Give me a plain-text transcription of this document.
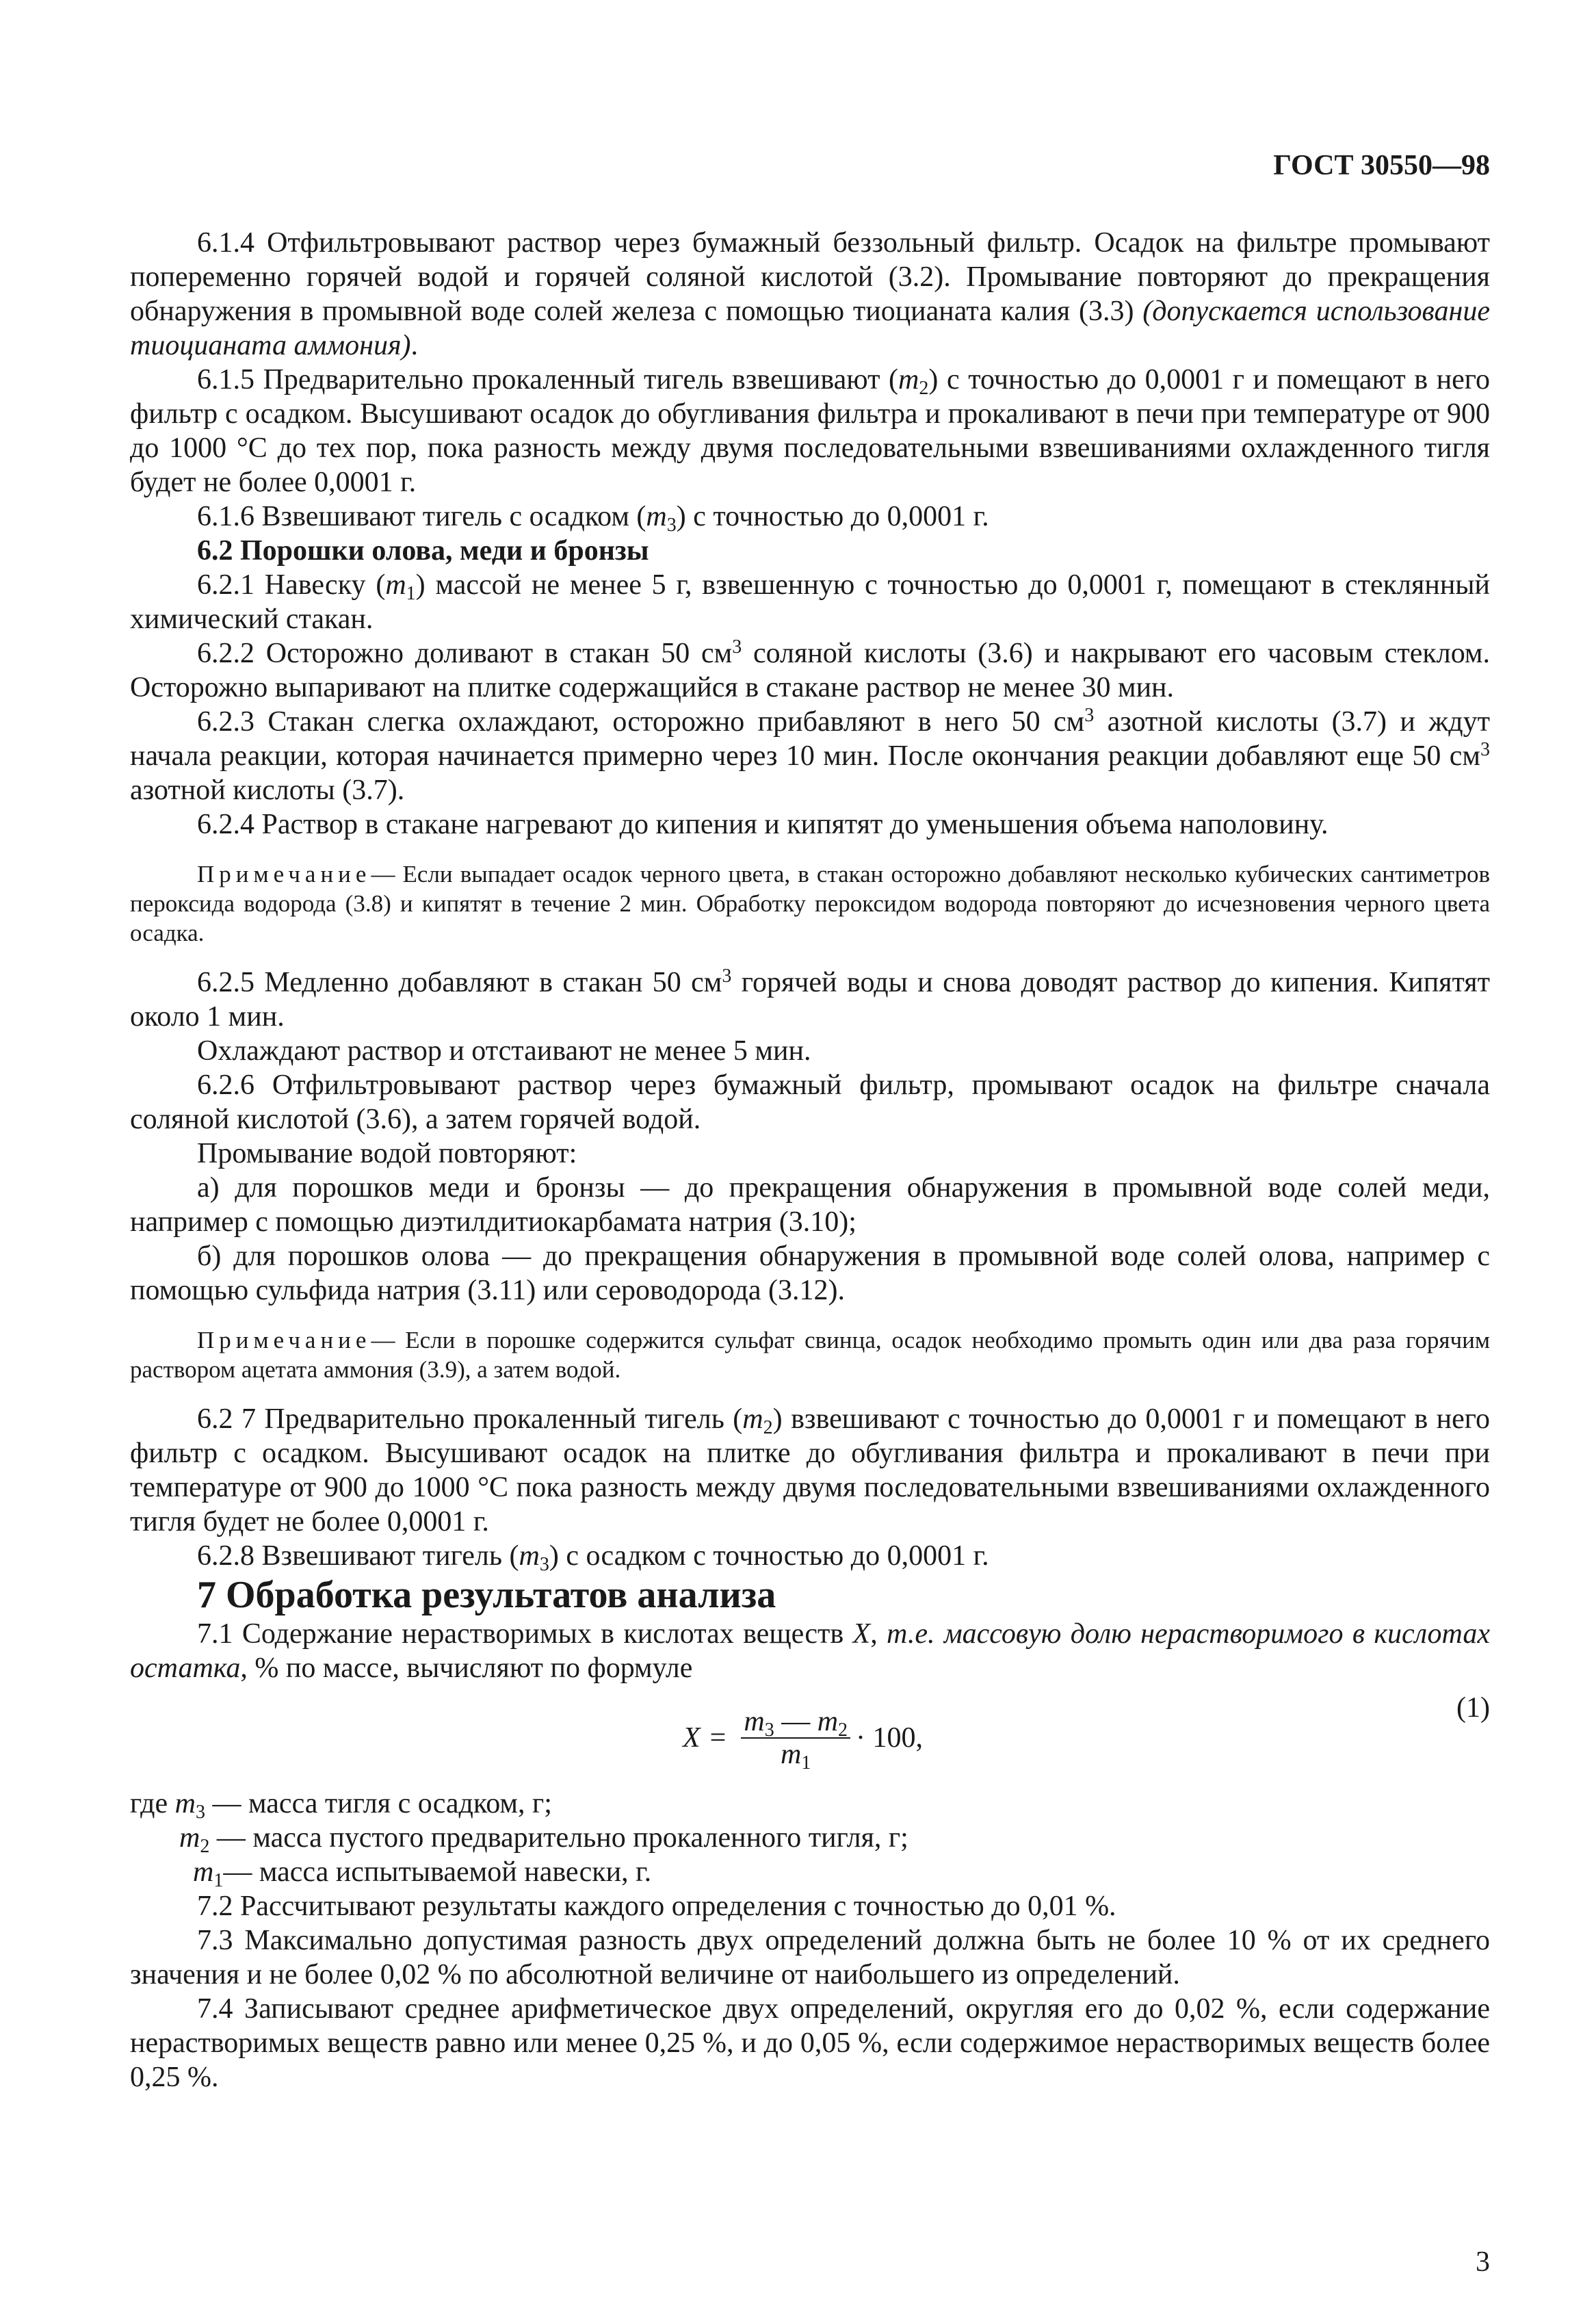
ГОСТ 30550—98

6.1.4 Отфильтровывают раствор через бумажный беззольный фильтр. Осадок на фильтре промывают попеременно горячей водой и горячей соляной кислотой (3.2). Промывание повторяют до прекращения обнаружения в промывной воде солей железа с помощью тиоцианата калия (3.3) (допускается использование тиоцианата аммония).

6.1.5 Предварительно прокаленный тигель взвешивают $(m_2)$ с точностью до 0,0001 г и помещают в него фильтр с осадком. Высушивают осадок до обугливания фильтра и прокаливают в печи при температуре от 900 до 1000 °C до тех пор, пока разность между двумя последовательными взвешиваниями охлажденного тигля будет не более 0,0001 г.

6.1.6 Взвешивают тигель с осадком $(m_3)$ с точностью до 0,0001 г.

6.2 Порошки олова, меди и бронзы

6.2.1 Навеску $(m_1)$ массой не менее 5 г, взвешенную с точностью до 0,0001 г, помещают в стеклянный химический стакан.

6.2.2 Осторожно доливают в стакан 50 $см^3$ соляной кислоты (3.6) и накрывают его часовым стеклом. Осторожно выпаривают на плитке содержащийся в стакане раствор не менее 30 мин.

6.2.3 Стакан слегка охлаждают, осторожно прибавляют в него 50 $см^3$ азотной кислоты (3.7) и ждут начала реакции, которая начинается примерно через 10 мин. После окончания реакции добавляют еще 50 $см^3$ азотной кислоты (3.7).

6.2.4 Раствор в стакане нагревают до кипения и кипятят до уменьшения объема наполовину.

Примечание— Если выпадает осадок черного цвета, в стакан осторожно добавляют несколько кубических сантиметров пероксида водорода (3.8) и кипятят в течение 2 мин. Обработку пероксидом водорода повторяют до исчезновения черного цвета осадка.

6.2.5 Медленно добавляют в стакан 50 $см^3$ горячей воды и снова доводят раствор до кипения. Кипятят около 1 мин.

Охлаждают раствор и отстаивают не менее 5 мин.

6.2.6 Отфильтровывают раствор через бумажный фильтр, промывают осадок на фильтре сначала соляной кислотой (3.6), а затем горячей водой.

Промывание водой повторяют:

а) для порошков меди и бронзы — до прекращения обнаружения в промывной воде солей меди, например с помощью диэтилдитиокарбамата натрия (3.10);

б) для порошков олова — до прекращения обнаружения в промывной воде солей олова, например с помощью сульфида натрия (3.11) или сероводорода (3.12).

Примечание— Если в порошке содержится сульфат свинца, осадок необходимо промыть один или два раза горячим раствором ацетата аммония (3.9), а затем водой.

6.2 7 Предварительно прокаленный тигель $(m_2)$ взвешивают с точностью до 0,0001 г и помещают в него фильтр с осадком. Высушивают осадок на плитке до обугливания фильтра и прокаливают в печи при температуре от 900 до 1000 °C пока разность между двумя последовательными взвешиваниями охлажденного тигля будет не более 0,0001 г.

6.2.8 Взвешивают тигель $(m_3)$ с осадком с точностью до 0,0001 г.

7 Обработка результатов анализа

7.1 Содержание нерастворимых в кислотах веществ X, т.е. массовую долю нерастворимого в кислотах остатка, % по массе, вычисляют по формуле

$X = \frac{m_3 — m_2}{m_1} \cdot 100$,
(1)
где $m_3$ — масса тигля с осадком, г;
$m_2$ — масса пустого предварительно прокаленного тигля, г;
$m_1—$ масса испытываемой навески, г.

7.2 Рассчитывают результаты каждого определения с точностью до 0,01 %.

7.3 Максимально допустимая разность двух определений должна быть не более 10 % от их среднего значения и не более 0,02 % по абсолютной величине от наибольшего из определений.

7.4 Записывают среднее арифметическое двух определений, округляя его до 0,02 %, если содержание нерастворимых веществ равно или менее 0,25 %, и до 0,05 %, если содержимое нерастворимых веществ более 0,25 %.

3
